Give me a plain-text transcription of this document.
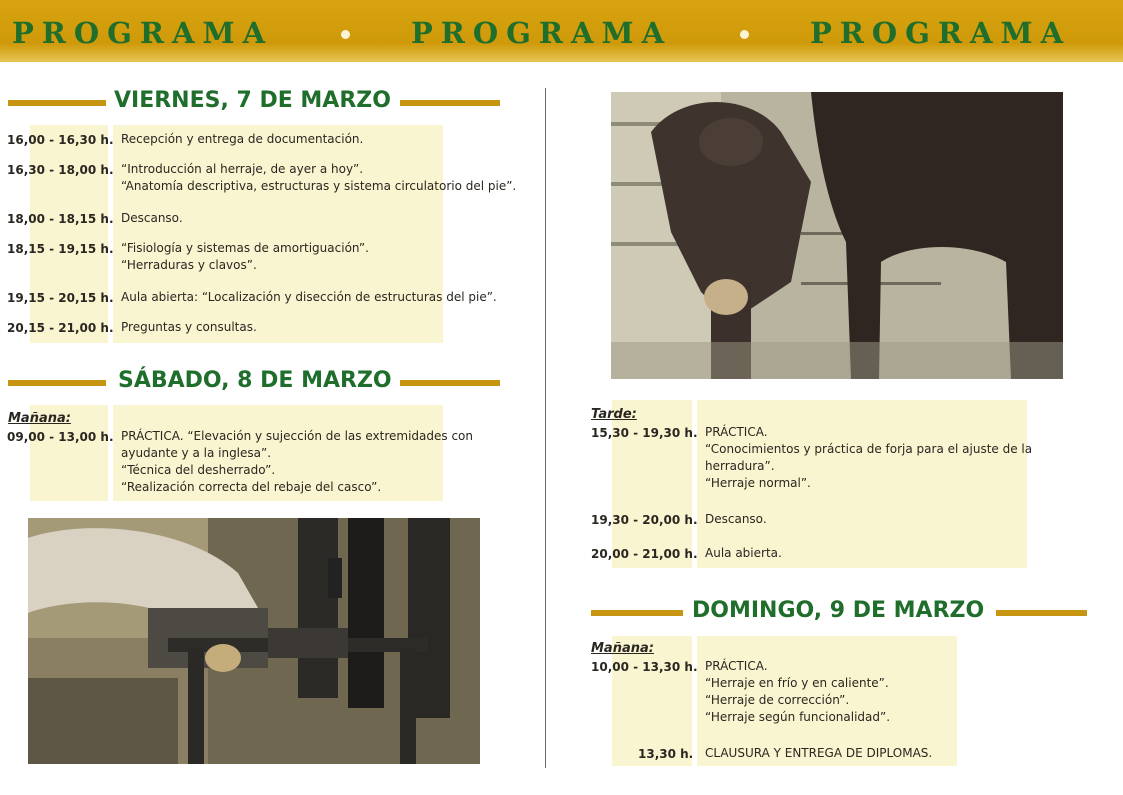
PROGRAMA	PROGRAMA	PROGRAMA
VIERNES, 7 DE MARZO
16,00 - 16,30 h. Recepción y entrega de documentación.
16,30 - 18,00 h. “Introducción al herraje, de ayer a hoy”.
“Anatomía descriptiva, estructuras y sistema circulatorio del pie”.
18,00 - 18,15 h. Descanso.
18,15 - 19,15 h. “Fisiología y sistemas de amortiguación”.
“Herraduras y clavos”.
19,15 - 20,15 h. Aula abierta: “Localización y disección de estructuras del pie”.
20,15 - 21,00 h. Preguntas y consultas.
SÁBADO, 8 DE MARZO
Mañana:
09,00 - 13,00 h. PRÁCTICA. “Elevación y sujección de las extremidades con
ayudante y a la inglesa”.
“Técnica del desherrado”.
“Realización correcta del rebaje del casco”.
Tarde:
15,30 - 19,30 h. PRÁCTICA.
“Conocimientos y práctica de forja para el ajuste de la
herradura”.
“Herraje normal”.
19,30 - 20,00 h. Descanso.
20,00 - 21,00 h. Aula abierta.
DOMINGO, 9 DE MARZO
Mañana:
10,00 - 13,30 h. PRÁCTICA.
“Herraje en frío y en caliente”.
“Herraje de corrección”.
“Herraje según funcionalidad”.
13,30 h. CLAUSURA Y ENTREGA DE DIPLOMAS.
